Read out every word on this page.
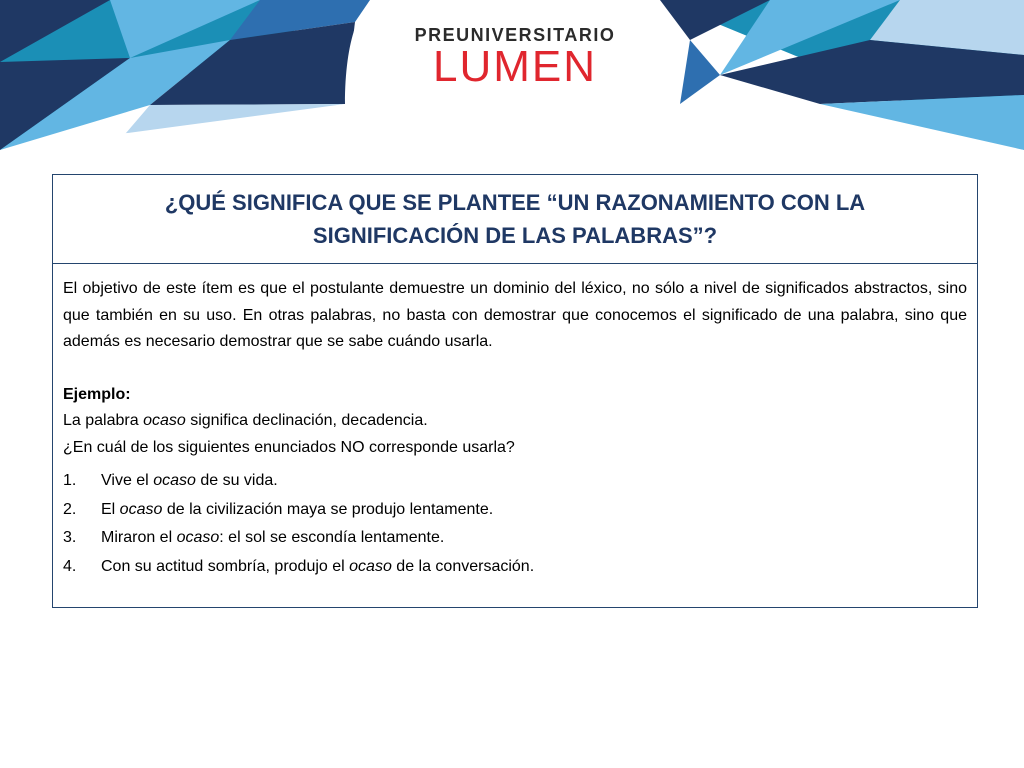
PREUNIVERSITARIO
LUMEN
¿QUÉ SIGNIFICA QUE SE PLANTEE “UN RAZONAMIENTO CON LA SIGNIFICACIÓN DE LAS PALABRAS”?

El objetivo de este ítem es que el postulante demuestre un dominio del léxico, no sólo a nivel de significados abstractos, sino que también en su uso. En otras palabras, no basta con demostrar que conocemos el significado de una palabra, sino que además es necesario demostrar que se sabe cuándo usarla.

Ejemplo:

La palabra ocaso significa declinación, decadencia.

¿En cuál de los siguientes enunciados NO corresponde usarla?

1.	Vive el ocaso de su vida.
2.	El ocaso de la civilización maya se produjo lentamente.
3.	Miraron el ocaso: el sol se escondía lentamente.
4.	Con su actitud sombría, produjo el ocaso de la conversación.
